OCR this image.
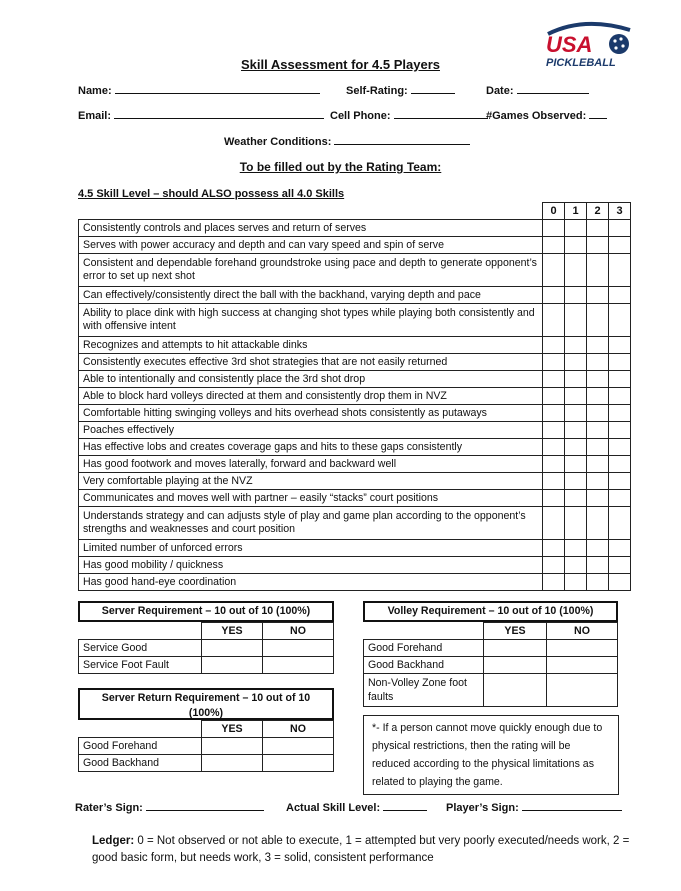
USA
PICKLEBALL
Skill Assessment for 4.5 Players
Name:	Self-Rating:	Date:
Email:	Cell Phone:	#Games Observed:
Weather Conditions:
To be filled out by the Rating Team:
4.5 Skill Level – should ALSO possess all 4.0 Skills
	0	1	2	3
Consistently controls and places serves and return of serves				
Serves with power accuracy and depth and can vary speed and spin of serve				
Consistent and dependable forehand groundstroke using pace and depth to generate opponent’s error to set up next shot				
Can effectively/consistently direct the ball with the backhand, varying depth and pace				
Ability to place dink with high success at changing shot types while playing both consistently and with offensive intent				
Recognizes and attempts to hit attackable dinks				
Consistently executes effective 3rd shot strategies that are not easily returned				
Able to intentionally and consistently place the 3rd shot drop				
Able to block hard volleys directed at them and consistently drop them in NVZ				
Comfortable hitting swinging volleys and hits overhead shots consistently as putaways				
Poaches effectively				
Has effective lobs and creates coverage gaps and hits to these gaps consistently				
Has good footwork and moves laterally, forward and backward well				
Very comfortable playing at the NVZ				
Communicates and moves well with partner – easily “stacks” court positions				
Understands strategy and can adjusts style of play and game plan according to the opponent’s strengths and weaknesses and court position				
Limited number of unforced errors				
Has good mobility / quickness				
Has good hand-eye coordination				
Server Requirement – 10 out of 10 (100%)
	YES	NO
Service Good		
Service Foot Fault		
Volley Requirement – 10 out of 10 (100%)
	YES	NO
Good Forehand		
Good Backhand		
Non-Volley Zone foot faults		
Server Return Requirement – 10 out of 10 (100%)
	YES	NO
Good Forehand		
Good Backhand		
*- If a person cannot move quickly enough due to physical restrictions, then the rating will be reduced according to the physical limitations as related to playing the game.
Rater’s Sign:	Actual Skill Level:	Player’s Sign:
Ledger: 0 = Not observed or not able to execute, 1 = attempted but very poorly executed/needs work, 2 = good basic form, but needs work, 3 = solid, consistent performance
